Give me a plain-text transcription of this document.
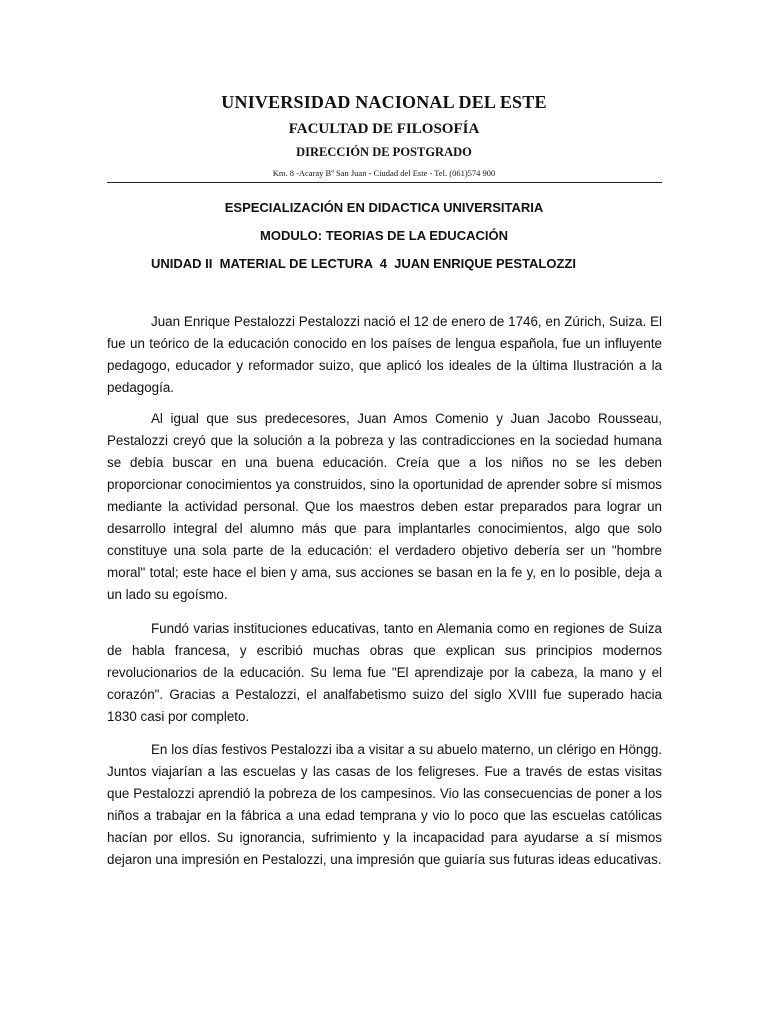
UNIVERSIDAD NACIONAL DEL ESTE
FACULTAD DE FILOSOFÍA
DIRECCIÓN DE POSTGRADO
Km. 8 -Acaray Bº San Juan - Ciudad del Este - Tel. (061)574 900
ESPECIALIZACIÓN EN DIDACTICA UNIVERSITARIA
MODULO: TEORIAS DE LA EDUCACIÓN
UNIDAD II  MATERIAL DE LECTURA  4  JUAN ENRIQUE PESTALOZZI

Juan Enrique Pestalozzi Pestalozzi nació el 12 de enero de 1746, en Zúrich, Suiza. El fue un teórico de la educación conocido en los países de lengua española, fue un influyente pedagogo, educador y reformador suizo, que aplicó los ideales de la última Ilustración a la pedagogía.

Al igual que sus predecesores, Juan Amos Comenio y Juan Jacobo Rousseau, Pestalozzi creyó que la solución a la pobreza y las contradicciones en la sociedad humana se debía buscar en una buena educación. Creía que a los niños no se les deben proporcionar conocimientos ya construidos, sino la oportunidad de aprender sobre sí mismos mediante la actividad personal. Que los maestros deben estar preparados para lograr un desarrollo integral del alumno más que para implantarles conocimientos, algo que solo constituye una sola parte de la educación: el verdadero objetivo debería ser un "hombre moral" total; este hace el bien y ama, sus acciones se basan en la fe y, en lo posible, deja a un lado su egoísmo.

Fundó varias instituciones educativas, tanto en Alemania como en regiones de Suiza de habla francesa, y escribió muchas obras que explican sus principios modernos revolucionarios de la educación. Su lema fue "El aprendizaje por la cabeza, la mano y el corazón". Gracias a Pestalozzi, el analfabetismo suizo del siglo XVIII fue superado hacia 1830 casi por completo.

En los días festivos Pestalozzi iba a visitar a su abuelo materno, un clérigo en Höngg. Juntos viajarían a las escuelas y las casas de los feligreses. Fue a través de estas visitas que Pestalozzi aprendió la pobreza de los campesinos. Vio las consecuencias de poner a los niños a trabajar en la fábrica a una edad temprana y vio lo poco que las escuelas católicas hacían por ellos. Su ignorancia, sufrimiento y la incapacidad para ayudarse a sí mismos dejaron una impresión en Pestalozzi, una impresión que guiaría sus futuras ideas educativas.
